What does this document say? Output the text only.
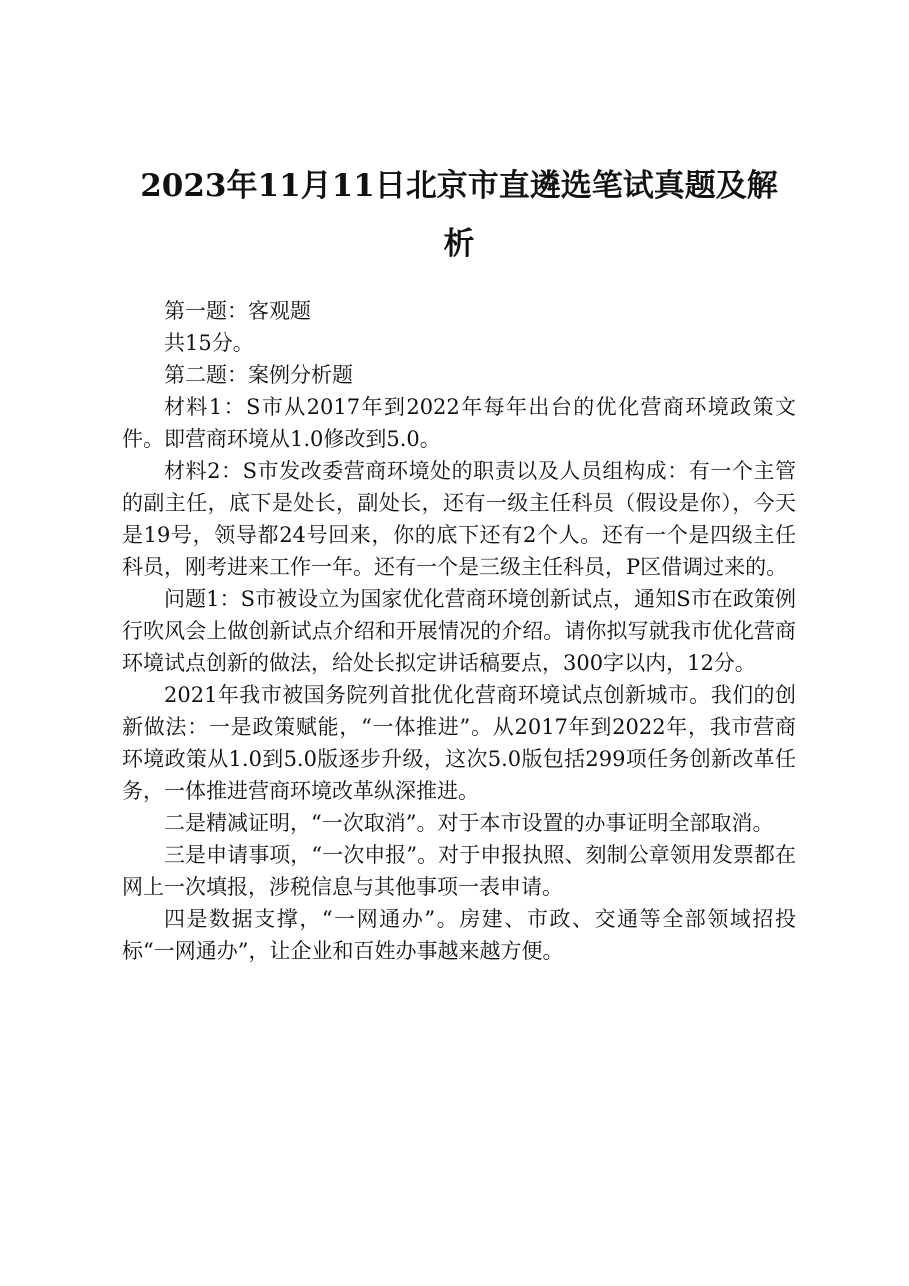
2023年11月11日北京市直遴选笔试真题及解
析

第一题：客观题

共15分。

第二题：案例分析题

材料1：S市从2017年到2022年每年出台的优化营商环境政策文件。即营商环境从1.0修改到5.0。

材料2：S市发改委营商环境处的职责以及人员组构成：有一个主管的副主任，底下是处长，副处长，还有一级主任科员（假设是你），今天是19号，领导都24号回来，你的底下还有2个人。还有一个是四级主任科员，刚考进来工作一年。还有一个是三级主任科员，P区借调过来的。

问题1：S市被设立为国家优化营商环境创新试点，通知S市在政策例行吹风会上做创新试点介绍和开展情况的介绍。请你拟写就我市优化营商环境试点创新的做法，给处长拟定讲话稿要点，300字以内，12分。

2021年我市被国务院列首批优化营商环境试点创新城市。我们的创新做法：一是政策赋能，“一体推进”。从2017年到2022年，我市营商环境政策从1.0到5.0版逐步升级，这次5.0版包括299项任务创新改革任务，一体推进营商环境改革纵深推进。

二是精减证明，“一次取消”。对于本市设置的办事证明全部取消。

三是申请事项，“一次申报”。对于申报执照、刻制公章领用发票都在网上一次填报，涉税信息与其他事项一表申请。

四是数据支撑，“一网通办”。房建、市政、交通等全部领域招投标“一网通办”，让企业和百姓办事越来越方便。
